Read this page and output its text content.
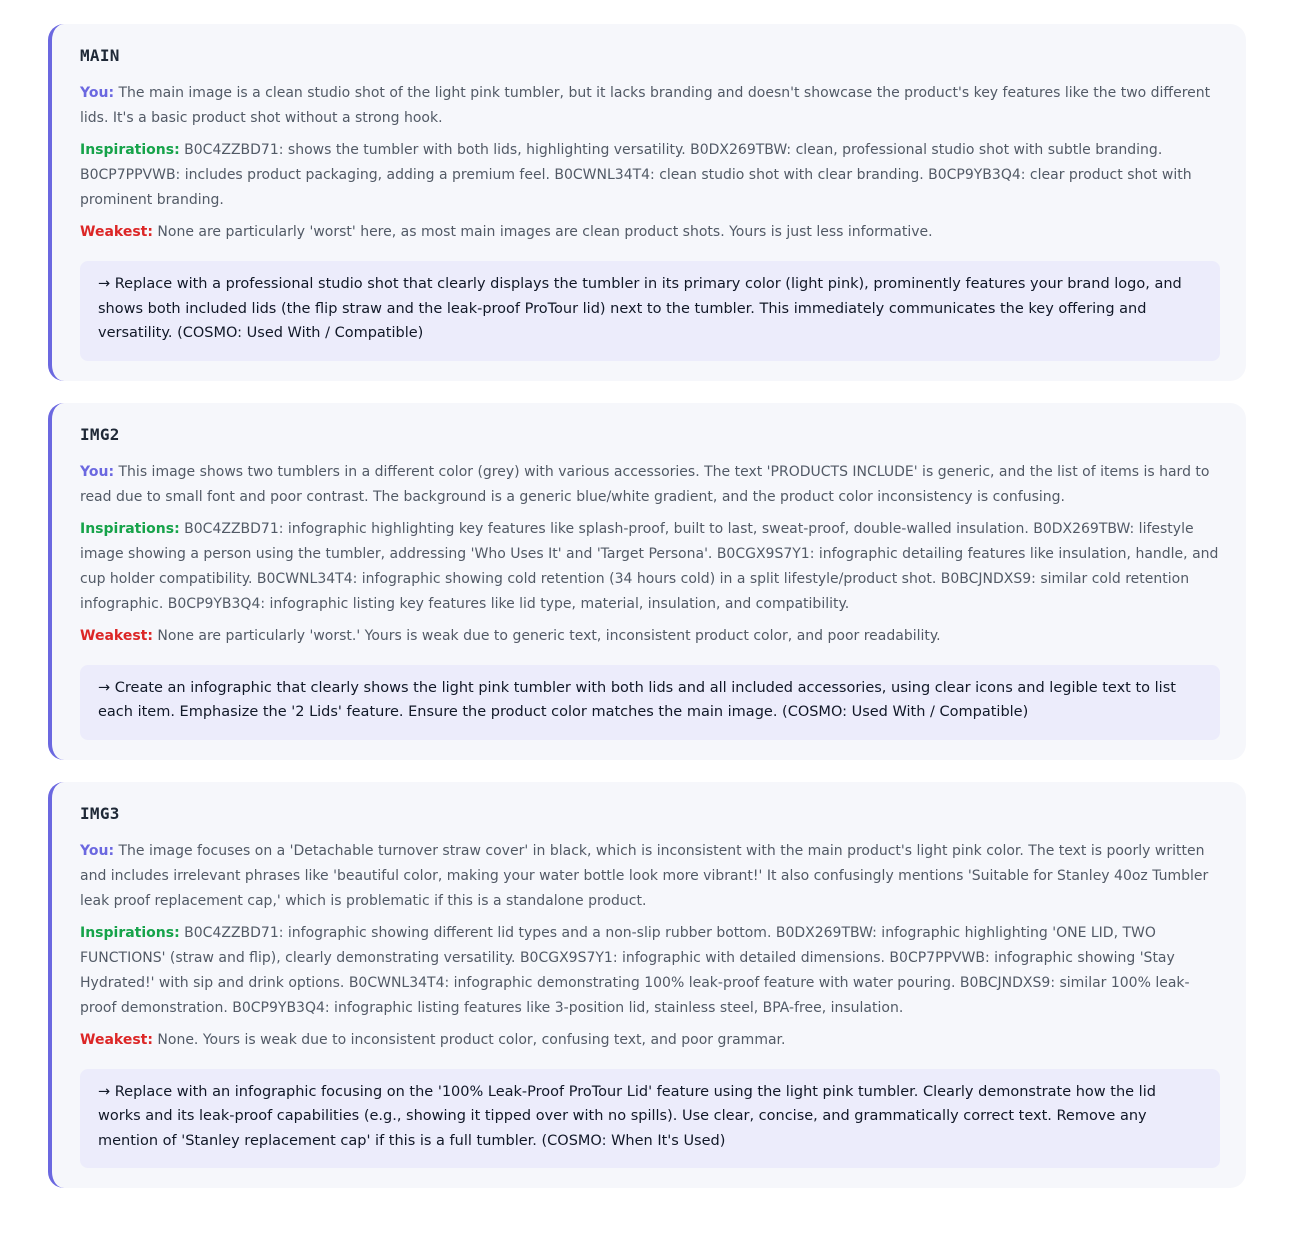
MAIN
You: The main image is a clean studio shot of the light pink tumbler, but it lacks branding and doesn't showcase the product's key features like the two different lids. It's a basic product shot without a strong hook.
Inspirations: B0C4ZZBD71: shows the tumbler with both lids, highlighting versatility. B0DX269TBW: clean, professional studio shot with subtle branding. B0CP7PPVWB: includes product packaging, adding a premium feel. B0CWNL34T4: clean studio shot with clear branding. B0CP9YB3Q4: clear product shot with prominent branding.
Weakest: None are particularly 'worst' here, as most main images are clean product shots. Yours is just less informative.
→ Replace with a professional studio shot that clearly displays the tumbler in its primary color (light pink), prominently features your brand logo, and shows both included lids (the flip straw and the leak-proof ProTour lid) next to the tumbler. This immediately communicates the key offering and versatility. (COSMO: Used With / Compatible)
IMG2
You: This image shows two tumblers in a different color (grey) with various accessories. The text 'PRODUCTS INCLUDE' is generic, and the list of items is hard to read due to small font and poor contrast. The background is a generic blue/white gradient, and the product color inconsistency is confusing.
Inspirations: B0C4ZZBD71: infographic highlighting key features like splash-proof, built to last, sweat-proof, double-walled insulation. B0DX269TBW: lifestyle image showing a person using the tumbler, addressing 'Who Uses It' and 'Target Persona'. B0CGX9S7Y1: infographic detailing features like insulation, handle, and cup holder compatibility. B0CWNL34T4: infographic showing cold retention (34 hours cold) in a split lifestyle/product shot. B0BCJNDXS9: similar cold retention infographic. B0CP9YB3Q4: infographic listing key features like lid type, material, insulation, and compatibility.
Weakest: None are particularly 'worst.' Yours is weak due to generic text, inconsistent product color, and poor readability.
→ Create an infographic that clearly shows the light pink tumbler with both lids and all included accessories, using clear icons and legible text to list each item. Emphasize the '2 Lids' feature. Ensure the product color matches the main image. (COSMO: Used With / Compatible)
IMG3
You: The image focuses on a 'Detachable turnover straw cover' in black, which is inconsistent with the main product's light pink color. The text is poorly written and includes irrelevant phrases like 'beautiful color, making your water bottle look more vibrant!' It also confusingly mentions 'Suitable for Stanley 40oz Tumbler leak proof replacement cap,' which is problematic if this is a standalone product.
Inspirations: B0C4ZZBD71: infographic showing different lid types and a non-slip rubber bottom. B0DX269TBW: infographic highlighting 'ONE LID, TWO FUNCTIONS' (straw and flip), clearly demonstrating versatility. B0CGX9S7Y1: infographic with detailed dimensions. B0CP7PPVWB: infographic showing 'Stay Hydrated!' with sip and drink options. B0CWNL34T4: infographic demonstrating 100% leak-proof feature with water pouring. B0BCJNDXS9: similar 100% leak-proof demonstration. B0CP9YB3Q4: infographic listing features like 3-position lid, stainless steel, BPA-free, insulation.
Weakest: None. Yours is weak due to inconsistent product color, confusing text, and poor grammar.
→ Replace with an infographic focusing on the '100% Leak-Proof ProTour Lid' feature using the light pink tumbler. Clearly demonstrate how the lid works and its leak-proof capabilities (e.g., showing it tipped over with no spills). Use clear, concise, and grammatically correct text. Remove any mention of 'Stanley replacement cap' if this is a full tumbler. (COSMO: When It's Used)
